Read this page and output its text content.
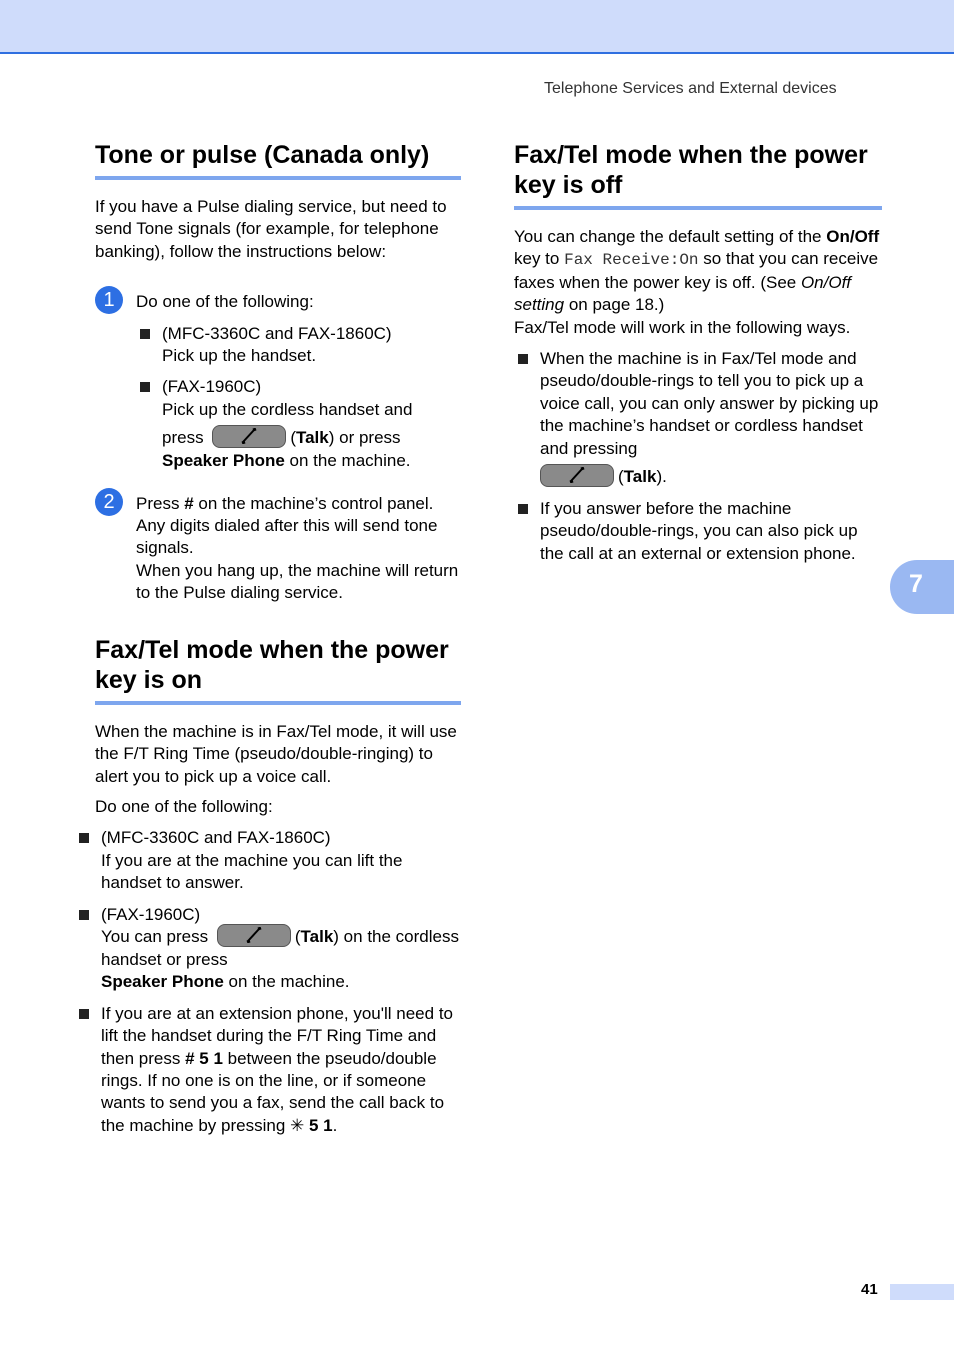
Telephone Services and External devices
Tone or pulse (Canada only)

If you have a Pulse dialing service, but need to send Tone signals (for example, for telephone banking), follow the instructions below:

1	Do one of the following:
(MFC-3360C and FAX-1860C)
Pick up the handset.
(FAX-1960C)
Pick up the cordless handset and
press	(Talk) or press
Speaker Phone on the machine.
2	Press # on the machine’s control panel. Any digits dialed after this will send tone signals.
When you hang up, the machine will return to the Pulse dialing service.
Fax/Tel mode when the power key is on

When the machine is in Fax/Tel mode, it will use the F/T Ring Time (pseudo/double-ringing) to alert you to pick up a voice call.

Do one of the following:

(MFC-3360C and FAX-1860C)
If you are at the machine you can lift the handset to answer.
(FAX-1960C)
You can press	(Talk) on the cordless handset or press
Speaker Phone on the machine.
If you are at an extension phone, you'll need to lift the handset during the F/T Ring Time and then press # 5 1 between the pseudo/double rings. If no one is on the line, or if someone wants to send you a fax, send the call back to the machine by pressing ✳ 5 1.
Fax/Tel mode when the power key is off

You can change the default setting of the On/Off key to Fax Receive:On so that you can receive faxes when the power key is off. (See On/Off setting on page 18.)

Fax/Tel mode will work in the following ways.

When the machine is in Fax/Tel mode and pseudo/double-rings to tell you to pick up a voice call, you can only answer by picking up the machine’s handset or cordless handset and pressing
(Talk).
If you answer before the machine pseudo/double-rings, you can also pick up the call at an external or extension phone.
7
41
